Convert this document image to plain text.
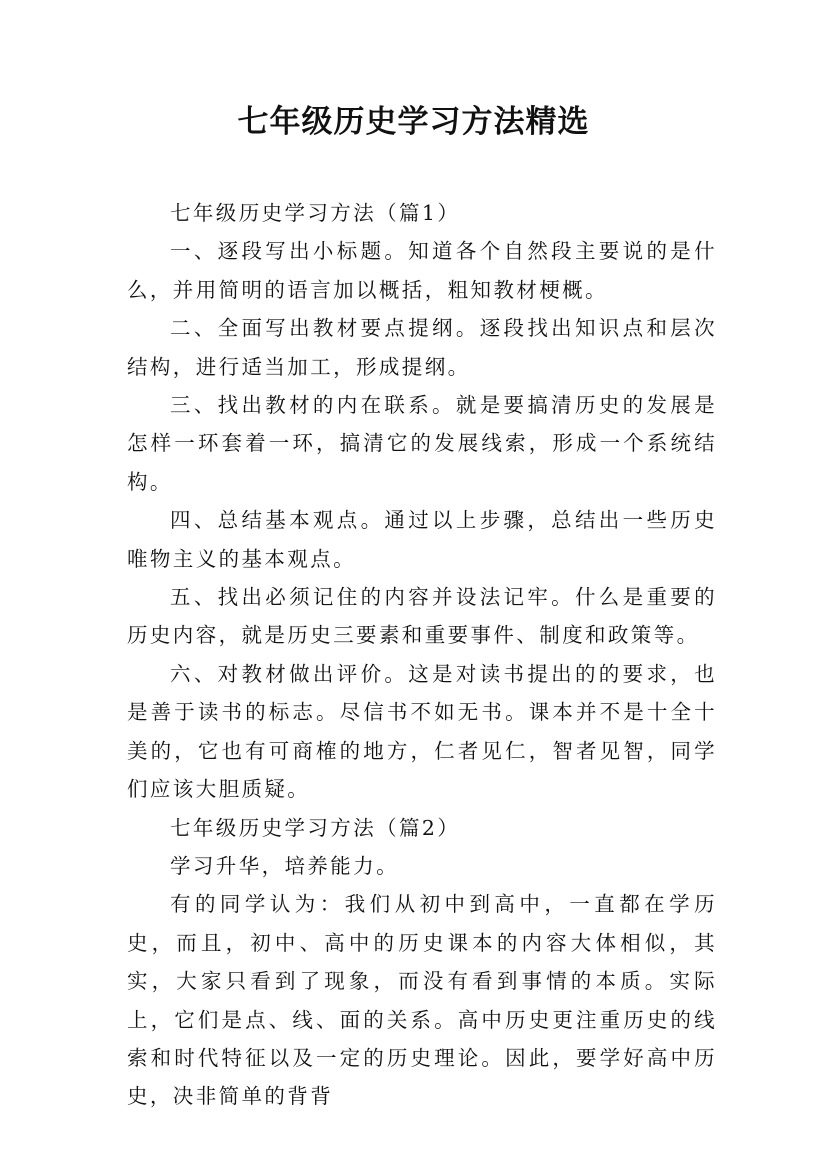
七年级历史学习方法精选

七年级历史学习方法（篇1）

一、逐段写出小标题。知道各个自然段主要说的是什么，并用简明的语言加以概括，粗知教材梗概。

二、全面写出教材要点提纲。逐段找出知识点和层次结构，进行适当加工，形成提纲。

三、找出教材的内在联系。就是要搞清历史的发展是怎样一环套着一环，搞清它的发展线索，形成一个系统结构。

四、总结基本观点。通过以上步骤，总结出一些历史唯物主义的基本观点。

五、找出必须记住的内容并设法记牢。什么是重要的历史内容，就是历史三要素和重要事件、制度和政策等。

六、对教材做出评价。这是对读书提出的的要求，也是善于读书的标志。尽信书不如无书。课本并不是十全十美的，它也有可商榷的地方，仁者见仁，智者见智，同学们应该大胆质疑。

七年级历史学习方法（篇2）

学习升华，培养能力。

有的同学认为：我们从初中到高中，一直都在学历史，而且，初中、高中的历史课本的内容大体相似，其实，大家只看到了现象，而没有看到事情的本质。实际上，它们是点、线、面的关系。高中历史更注重历史的线索和时代特征以及一定的历史理论。因此，要学好高中历史，决非简单的背背
